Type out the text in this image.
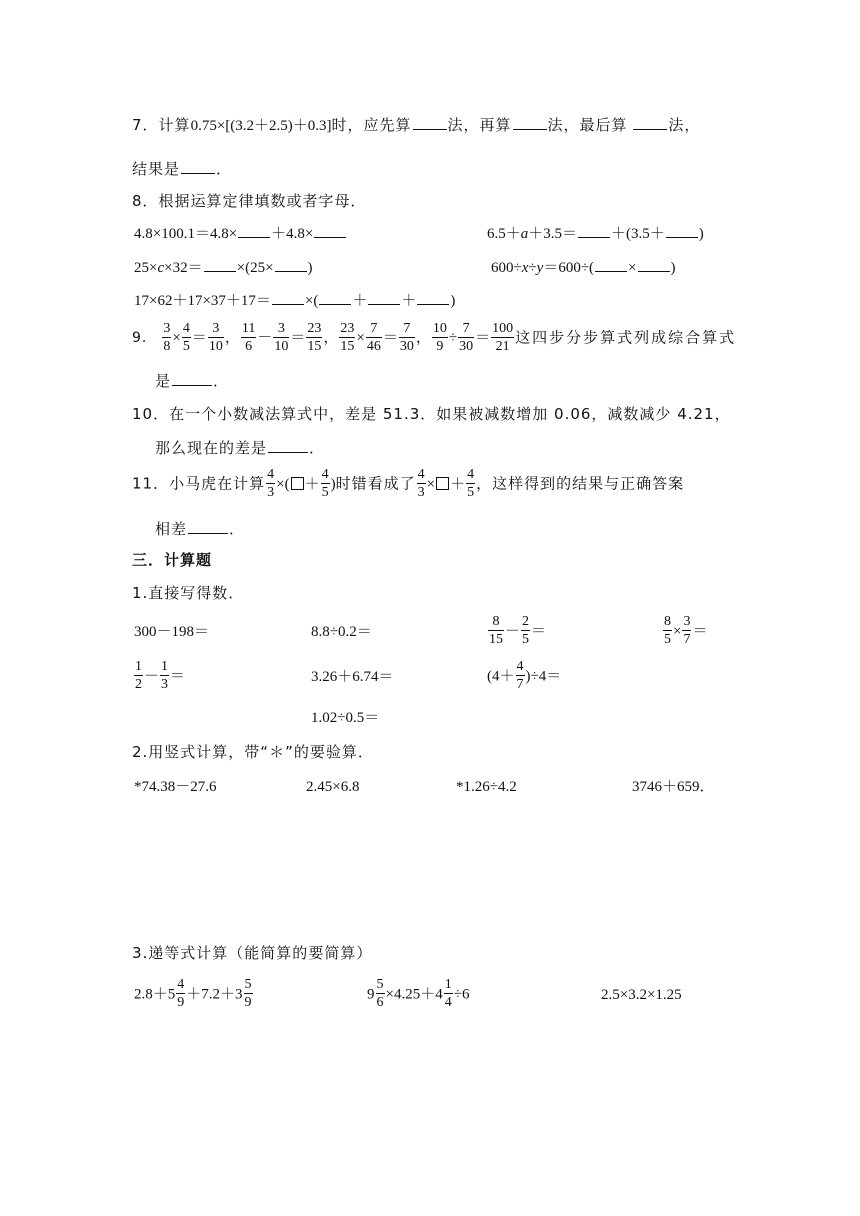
7．计算0.75×[(3.2＋2.5)＋0.3]时，应先算 法，再算 法，最后算	法，
结果是 ．
8．根据运算定律填数或者字母．
4.8×100.1＝4.8× ＋4.8×	6.5＋a＋3.5＝ ＋(3.5＋ )
25×c×32＝ ×(25× )	600÷x÷y＝600÷( × )
17×62＋17×37＋17＝ ×( ＋ ＋ )
9． $\frac{3}{8} \times \frac{4}{5} = \frac{3}{10}$ ， $\frac{11}{6} - \frac{3}{10} = \frac{23}{15}$ ， $\frac{23}{15} \times \frac{7}{46} = \frac{7}{30}$ ， $\frac{10}{9} \div \frac{7}{30} = \frac{100}{21}$ 这四步分步算式列成综合算式
是	．
10．在一个小数减法算式中，差是 51.3．如果被减数增加 0.06，减数减少 4.21，
那么现在的差是	．
11．小马虎在计算 $\frac{4}{3}$ ×( ＋ $\frac{4}{5}$ )时错看成了 $\frac{4}{3}$ × ＋ $\frac{4}{5}$ ，这样得到的结果与正确答案
相差	．
三．计算题
1.直接写得数．
300－198＝	8.8÷0.2＝	$\frac{8}{15} - \frac{2}{5}$ ＝	$\frac{8}{5} \times \frac{3}{7}$ ＝
$\frac{1}{2} - \frac{1}{3}$ ＝	3.26＋6.74＝	$(4+ \frac{4}{7} )\div 4=$
1.02÷0.5＝
2.用竖式计算，带“＊”的要验算．
*74.38－27.6	2.45×6.8	*1.26÷4.2	3746＋659．
3.递等式计算（能简算的要简算）
$2.8+5 \frac{4}{9} +7.2+3 \frac{5}{9}$	$9 \frac{5}{6} \times 4.25+4 \frac{1}{4} \div 6$	2.5×3.2×1.25
